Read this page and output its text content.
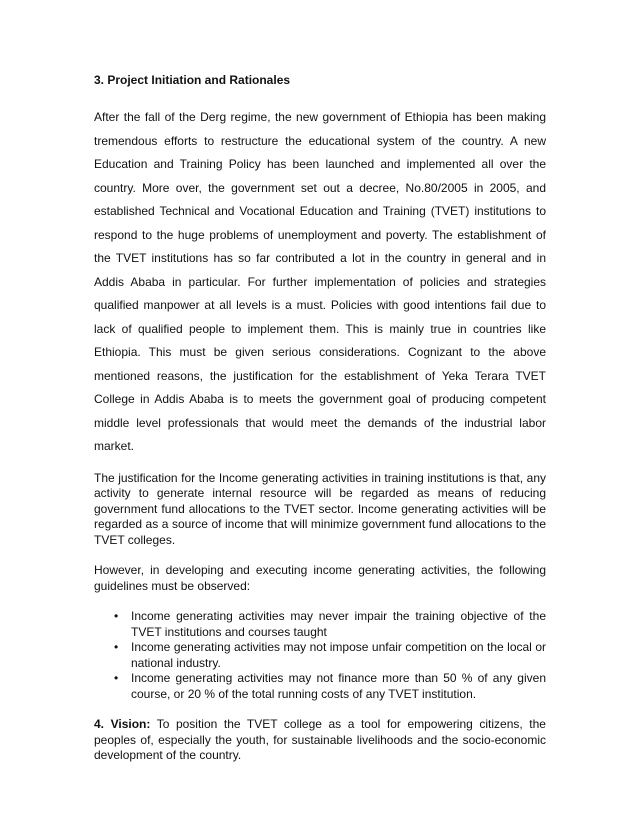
3. Project Initiation and Rationales

After the fall of the Derg regime, the new government of Ethiopia has been making tremendous efforts to restructure the educational system of the country. A new Education and Training Policy has been launched and implemented all over the country. More over, the government set out a decree, No.80/2005 in 2005, and established Technical and Vocational Education and Training (TVET) institutions to respond to the huge problems of unemployment and poverty. The establishment of the TVET institutions has so far contributed a lot in the country in general and in Addis Ababa in particular. For further implementation of policies and strategies qualified manpower at all levels is a must. Policies with good intentions fail due to lack of qualified people to implement them. This is mainly true in countries like Ethiopia. This must be given serious considerations. Cognizant to the above mentioned reasons, the justification for the establishment of Yeka Terara TVET College in Addis Ababa is to meets the government goal of producing competent middle level professionals that would meet the demands of the industrial labor market.

The justification for the Income generating activities in training institutions is that, any activity to generate internal resource will be regarded as means of reducing government fund allocations to the TVET sector. Income generating activities will be regarded as a source of income that will minimize government fund allocations to the TVET colleges.

However, in developing and executing income generating activities, the following guidelines must be observed:

• Income generating activities may never impair the training objective of the TVET institutions and courses taught
• Income generating activities may not impose unfair competition on the local or national industry.
• Income generating activities may not finance more than 50 % of any given course, or 20 % of the total running costs of any TVET institution.

4. Vision: To position the TVET college as a tool for empowering citizens, the peoples of, especially the youth, for sustainable livelihoods and the socio-economic development of the country.
